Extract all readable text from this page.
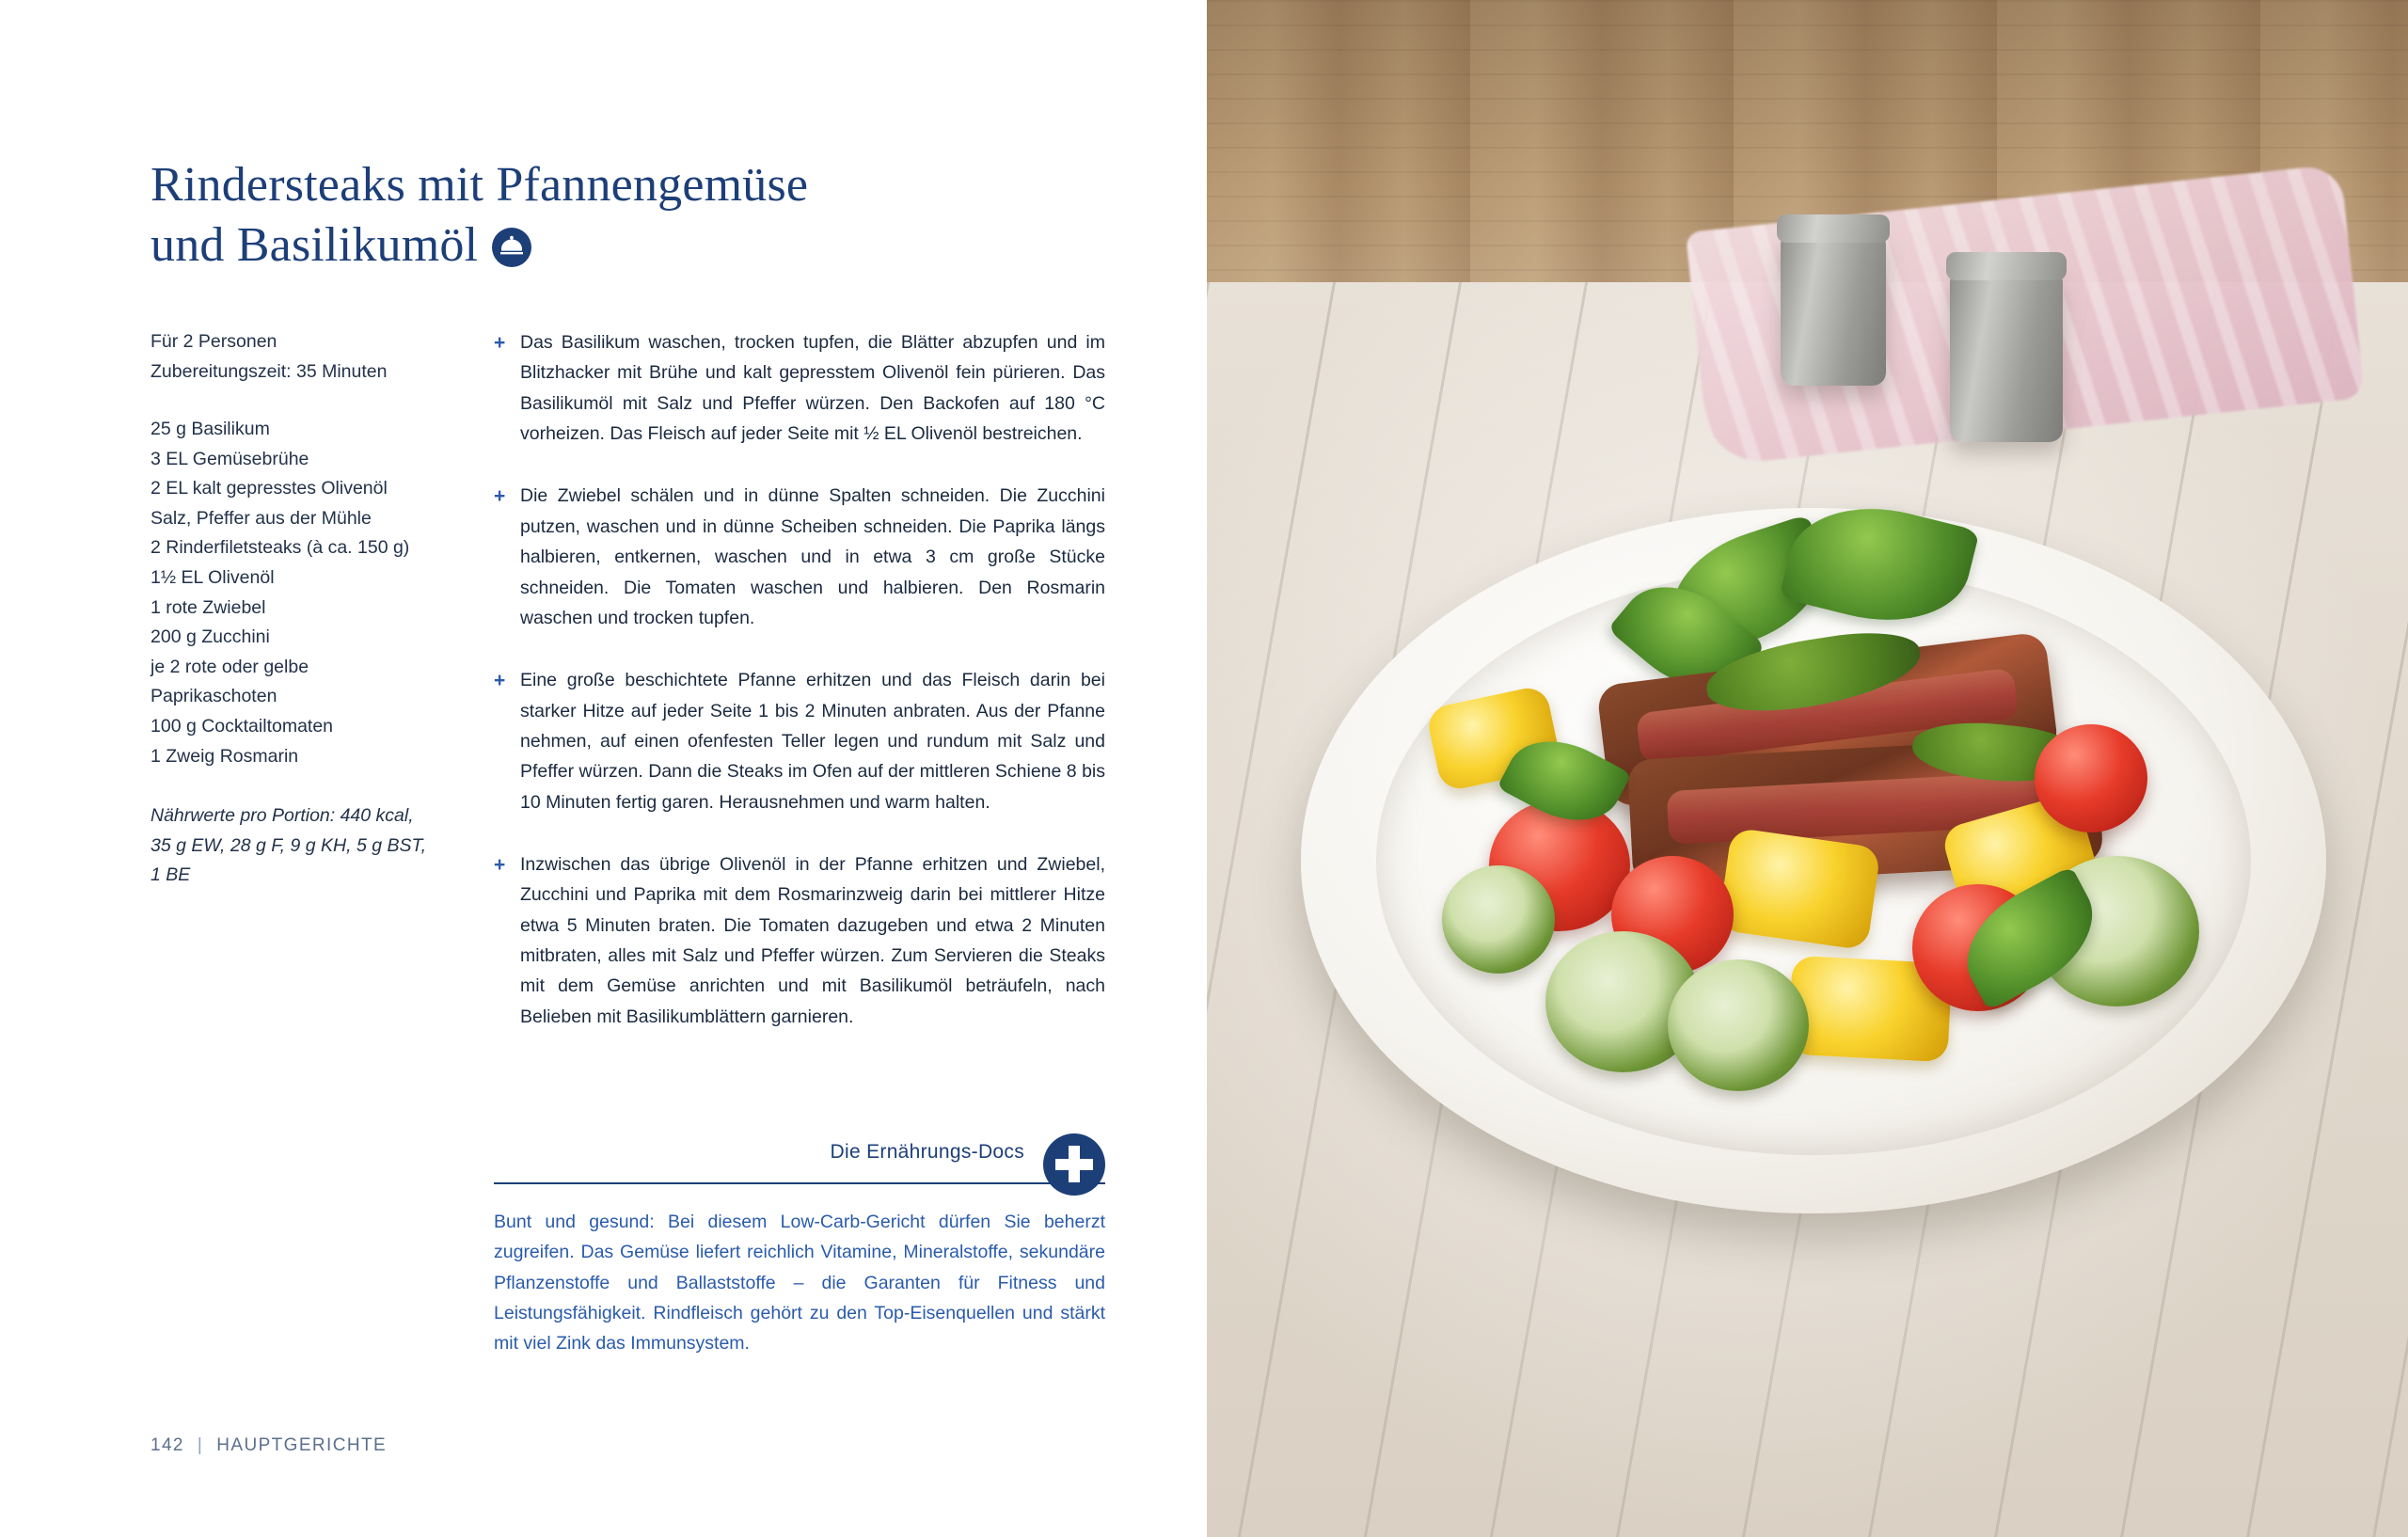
Rindersteaks mit Pfannengemüse
und Basilikumöl

Für 2 Personen

Zubereitungszeit: 35 Minuten

25 g Basilikum

3 EL Gemüsebrühe

2 EL kalt gepresstes Olivenöl

Salz, Pfeffer aus der Mühle

2 Rinderfiletsteaks (à ca. 150 g)

1½ EL Olivenöl

1 rote Zwiebel

200 g Zucchini

je 2 rote oder gelbe

Paprikaschoten

100 g Cocktailtomaten

1 Zweig Rosmarin

Nährwerte pro Portion: 440 kcal,

35 g EW, 28 g F, 9 g KH, 5 g BST,

1 BE

+ Das Basilikum waschen, trocken tupfen, die Blätter abzupfen und im Blitzhacker mit Brühe und kalt gepresstem Olivenöl fein pürieren. Das Basilikumöl mit Salz und Pfeffer würzen. Den Backofen auf 180 °C vorheizen. Das Fleisch auf jeder Seite mit ½ EL Olivenöl bestreichen.
+ Die Zwiebel schälen und in dünne Spalten schneiden. Die Zucchini putzen, waschen und in dünne Scheiben schneiden. Die Paprika längs halbieren, entkernen, waschen und in etwa 3 cm große Stücke schneiden. Die Tomaten waschen und halbieren. Den Rosmarin waschen und trocken tupfen.
+ Eine große beschichtete Pfanne erhitzen und das Fleisch darin bei starker Hitze auf jeder Seite 1 bis 2 Minuten anbraten. Aus der Pfanne nehmen, auf einen ofenfesten Teller legen und rundum mit Salz und Pfeffer würzen. Dann die Steaks im Ofen auf der mittleren Schiene 8 bis 10 Minuten fertig garen. Herausnehmen und warm halten.
+ Inzwischen das übrige Olivenöl in der Pfanne erhitzen und Zwiebel, Zucchini und Paprika mit dem Rosmarinzweig darin bei mittlerer Hitze etwa 5 Minuten braten. Die Tomaten dazugeben und etwa 2 Minuten mitbraten, alles mit Salz und Pfeffer würzen. Zum Servieren die Steaks mit dem Gemüse anrichten und mit Basilikumöl beträufeln, nach Belieben mit Basilikumblättern garnieren.
Die Ernährungs-Docs
Bunt und gesund: Bei diesem Low-Carb-Gericht dürfen Sie beherzt zugreifen. Das Gemüse liefert reichlich Vitamine, Mineralstoffe, sekundäre Pflanzenstoffe und Ballaststoffe – die Garanten für Fitness und Leistungsfähigkeit. Rindfleisch gehört zu den Top-Eisenquellen und stärkt mit viel Zink das Immunsystem.
142 | HAUPTGERICHTE
